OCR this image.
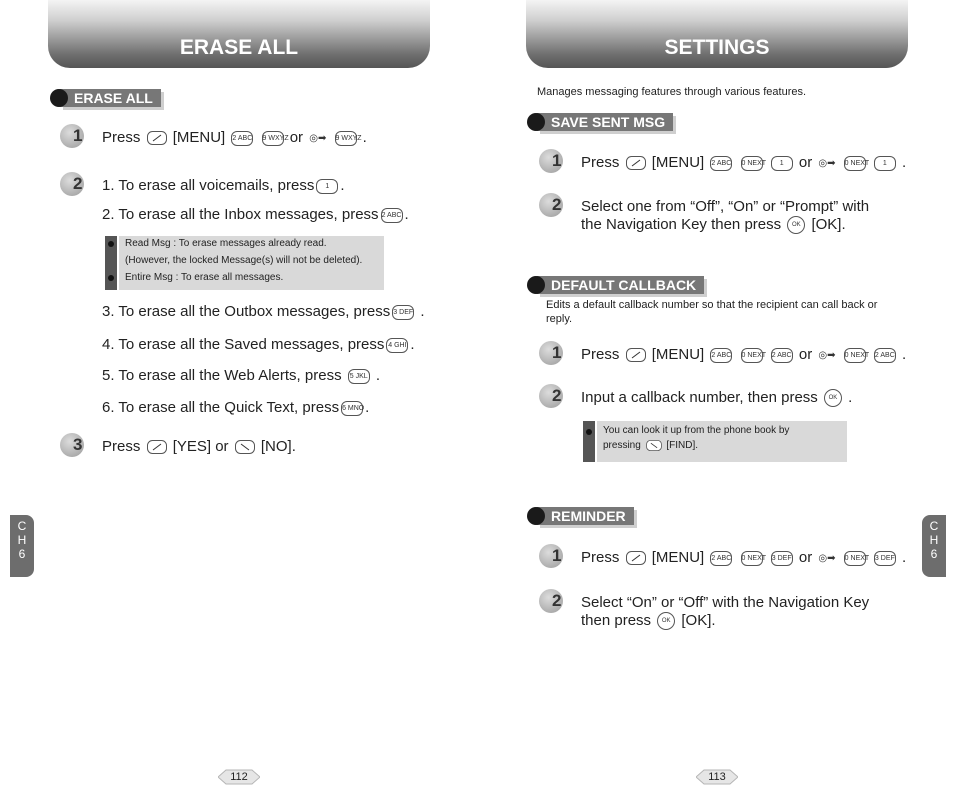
ERASE ALL
ERASE ALL
1 Press [MENU] 2 ABC 9 WXYZ or ◎➡ 9 WXYZ .
2 1. To erase all voicemails, press 1 .
2. To erase all the Inbox messages, press 2 ABC .
Read Msg : To erase messages already read.
(However, the locked Message(s) will not be deleted).
Entire Msg : To erase all messages.
3. To erase all the Outbox messages, press 3 DEF .
4. To erase all the Saved messages, press 4 GHI .
5. To erase all the Web Alerts, press 5 JKL .
6. To erase all the Quick Text, press 6 MNO.
3 Press [YES] or [NO].
C
H
6
112
SETTINGS
Manages messaging features through various features.
SAVE SENT MSG
1 Press [MENU] 2 ABC 0 NEXT 1 or ◎➡ 0 NEXT 1 .
2 Select one from “Off”, “On” or “Prompt” with
the Navigation Key then press OK [OK].
DEFAULT CALLBACK
Edits a default callback number so that the recipient can call back or
reply.
1 Press [MENU] 2 ABC 0 NEXT 2 ABC or ◎➡ 0 NEXT 2 ABC .
2 Input a callback number, then press OK .
You can look it up from the phone book by
pressing	[FIND].
REMINDER
1 Press [MENU] 2 ABC 0 NEXT 3 DEF or ◎➡ 0 NEXT 3 DEF .
2 Select “On” or “Off” with the Navigation Key
then press OK [OK].
C
H
6
113
